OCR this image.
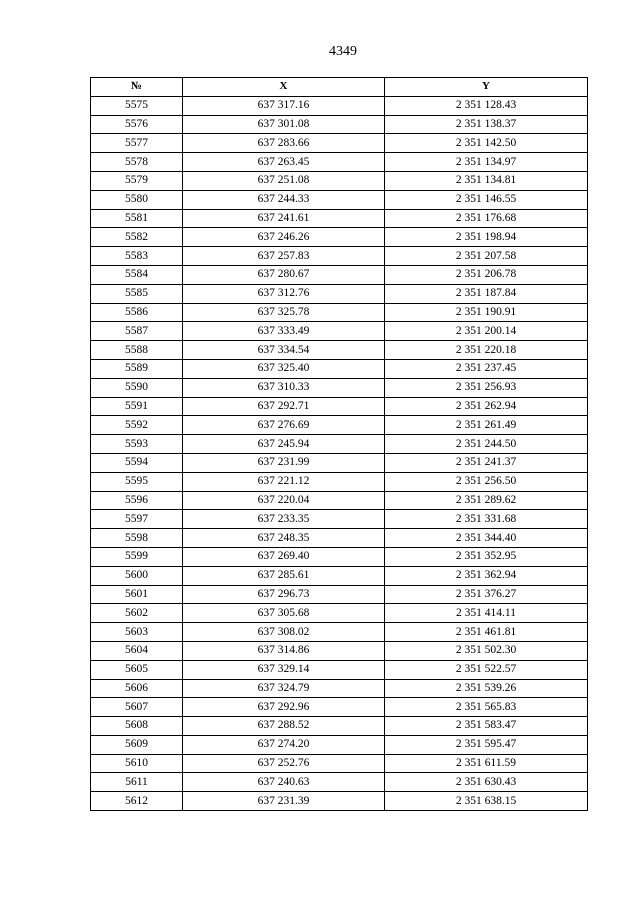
4349
№	X	Y
5575	637 317.16	2 351 128.43
5576	637 301.08	2 351 138.37
5577	637 283.66	2 351 142.50
5578	637 263.45	2 351 134.97
5579	637 251.08	2 351 134.81
5580	637 244.33	2 351 146.55
5581	637 241.61	2 351 176.68
5582	637 246.26	2 351 198.94
5583	637 257.83	2 351 207.58
5584	637 280.67	2 351 206.78
5585	637 312.76	2 351 187.84
5586	637 325.78	2 351 190.91
5587	637 333.49	2 351 200.14
5588	637 334.54	2 351 220.18
5589	637 325.40	2 351 237.45
5590	637 310.33	2 351 256.93
5591	637 292.71	2 351 262.94
5592	637 276.69	2 351 261.49
5593	637 245.94	2 351 244.50
5594	637 231.99	2 351 241.37
5595	637 221.12	2 351 256.50
5596	637 220.04	2 351 289.62
5597	637 233.35	2 351 331.68
5598	637 248.35	2 351 344.40
5599	637 269.40	2 351 352.95
5600	637 285.61	2 351 362.94
5601	637 296.73	2 351 376.27
5602	637 305.68	2 351 414.11
5603	637 308.02	2 351 461.81
5604	637 314.86	2 351 502.30
5605	637 329.14	2 351 522.57
5606	637 324.79	2 351 539.26
5607	637 292.96	2 351 565.83
5608	637 288.52	2 351 583.47
5609	637 274.20	2 351 595.47
5610	637 252.76	2 351 611.59
5611	637 240.63	2 351 630.43
5612	637 231.39	2 351 638.15
